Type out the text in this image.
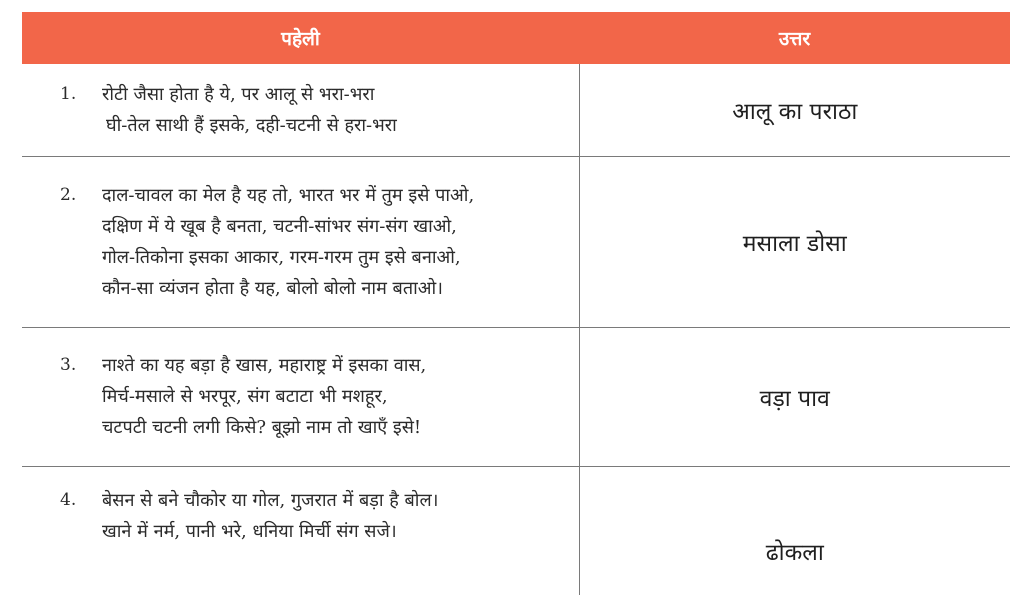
पहेली	उत्तर

1. रोटी जैसा होता है ये, पर आलू से भरा-भरा
घी-तेल साथी हैं इसके, दही-चटनी से हरा-भरा	आलू का पराठा

2. दाल-चावल का मेल है यह तो, भारत भर में तुम इसे पाओ,
दक्षिण में ये खूब है बनता, चटनी-सांभर संग-संग खाओ,
गोल-तिकोना इसका आकार, गरम-गरम तुम इसे बनाओ,
कौन-सा व्यंजन होता है यह, बोलो बोलो नाम बताओ।	मसाला डोसा

3. नाश्ते का यह बड़ा है खास, महाराष्ट्र में इसका वास,
मिर्च-मसाले से भरपूर, संग बटाटा भी मशहूर,
चटपटी चटनी लगी किसे? बूझो नाम तो खाएँ इसे!	वड़ा पाव

4. बेसन से बने चौकोर या गोल, गुजरात में बड़ा है बोल।
खाने में नर्म, पानी भरे, धनिया मिर्ची संग सजे।	ढोकला
